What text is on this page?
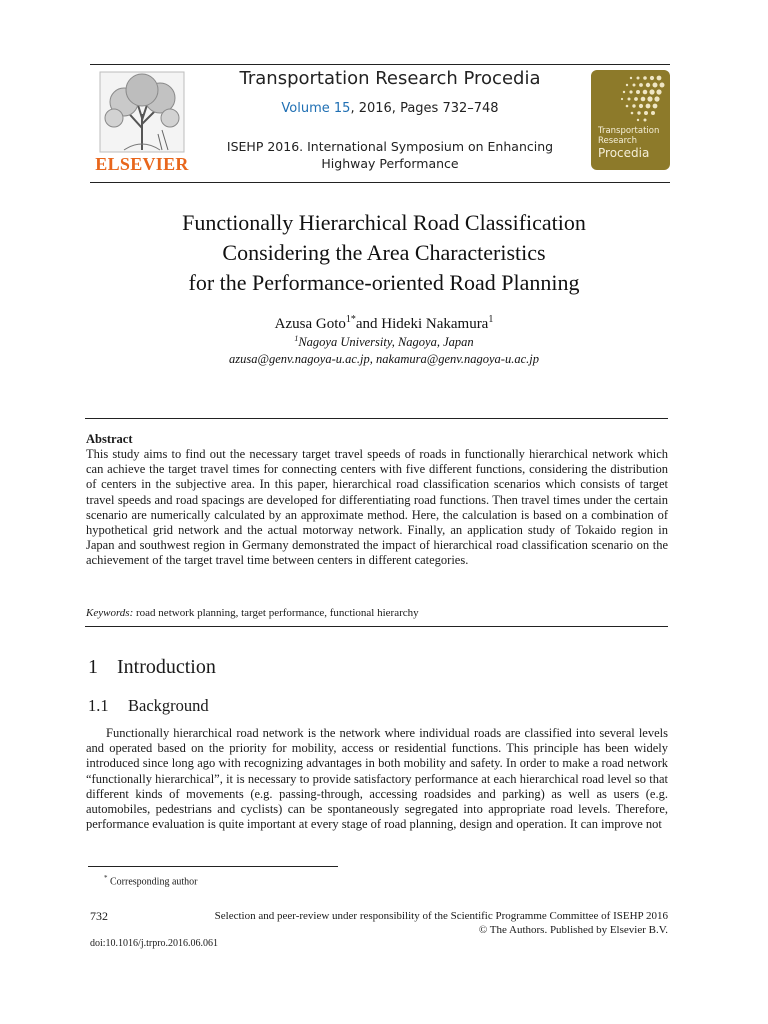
ELSEVIER
Transportation Research Procedia
Volume 15, 2016, Pages 732–748
ISEHP 2016. International Symposium on Enhancing Highway Performance
Transportation
Research
Procedia
Functionally Hierarchical Road Classification
Considering the Area Characteristics
for the Performance-oriented Road Planning
Azusa Goto$^{1*}$and Hideki Nakamura$^1$
$^1$Nagoya University, Nagoya, Japan
azusa@genv.nagoya-u.ac.jp, nakamura@genv.nagoya-u.ac.jp
Abstract
This study aims to find out the necessary target travel speeds of roads in functionally hierarchical network which can achieve the target travel times for connecting centers with five different functions, considering the distribution of centers in the subjective area. In this paper, hierarchical road classification scenarios which consists of target travel speeds and road spacings are developed for differentiating road functions. Then travel times under the certain scenario are numerically calculated by an approximate method. Here, the calculation is based on a combination of hypothetical grid network and the actual motorway network. Finally, an application study of Tokaido region in Japan and southwest region in Germany demonstrated the impact of hierarchical road classification scenario on the achievement of the target travel time between centers in different categories.
Keywords: road network planning, target performance, functional hierarchy
1 Introduction
1.1 Background
Functionally hierarchical road network is the network where individual roads are classified into several levels and operated based on the priority for mobility, access or residential functions. This principle has been widely introduced since long ago with recognizing advantages in both mobility and safety. In order to make a road network “functionally hierarchical”, it is necessary to provide satisfactory performance at each hierarchical road level so that different kinds of movements (e.g. passing-through, accessing roadsides and parking) as well as users (e.g. automobiles, pedestrians and cyclists) can be spontaneously segregated into appropriate road levels. Therefore, performance evaluation is quite important at every stage of road planning, design and operation. It can improve not
* Corresponding author
732	Selection and peer-review under responsibility of the Scientific Programme Committee of ISEHP 2016
© The Authors. Published by Elsevier B.V.
doi:10.1016/j.trpro.2016.06.061
